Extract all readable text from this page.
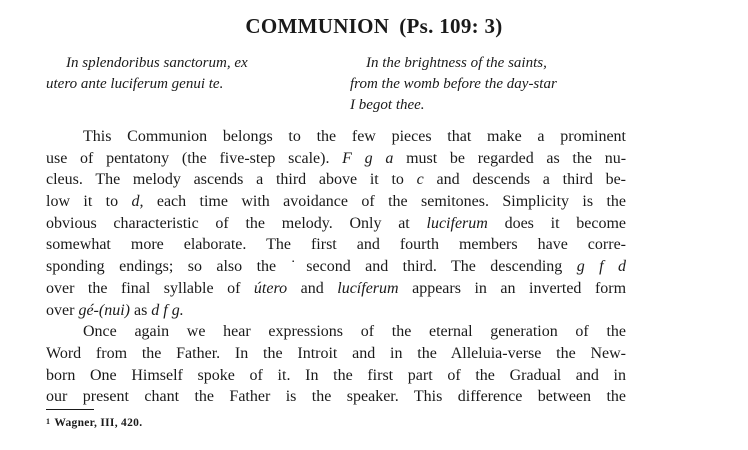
COMMUNION (Ps. 109: 3)
In splendoribus sanctorum, ex
utero ante luciferum genui te.
In the brightness of the saints,
from the womb before the day-star
I begot thee.
This Communion belongs to the few pieces that make a prominent
use of pentatony (the five-step scale). F g a must be regarded as the nu-
cleus. The melody ascends a third above it to c and descends a third be-
low it to d, each time with avoidance of the semitones. Simplicity is the
obvious characteristic of the melody. Only at luciferum does it become
somewhat more elaborate. The first and fourth members have corre-
sponding endings; so also the ˙second and third. The descending g f d
over the final syllable of útero and lucíferum appears in an inverted form
over gé-(nui) as d f g.
Once again we hear expressions of the eternal generation of the
Word from the Father. In the Introit and in the Alleluia-verse the New-
born One Himself spoke of it. In the first part of the Gradual and in
our present chant the Father is the speaker. This difference between the
$^1$ Wagner, III, 420.
